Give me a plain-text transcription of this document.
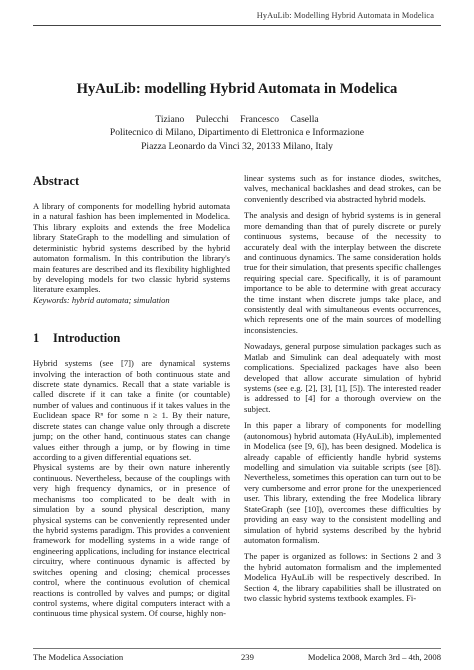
HyAuLib: Modelling Hybrid Automata in Modelica
HyAuLib: modelling Hybrid Automata in Modelica
Tiziano Pulecchi Francesco Casella
Politecnico di Milano, Dipartimento di Elettronica e Informazione
Piazza Leonardo da Vinci 32, 20133 Milano, Italy
Abstract

A library of components for modelling hybrid automata in a natural fashion has been implemented in Modelica. This library exploits and extends the free Modelica library StateGraph to the modelling and simulation of deterministic hybrid systems described by the hybrid automaton formalism. In this contribution the library's main features are described and its flexibility highlighted by developing models for two classic hybrid systems literature examples.

Keywords: hybrid automata; simulation

1 Introduction

Hybrid systems (see [7]) are dynamical systems involving the interaction of both continuous state and discrete state dynamics. Recall that a state variable is called discrete if it can take a finite (or countable) number of values and continuous if it takes values in the Euclidean space Rⁿ for some n ≥ 1. By their nature, discrete states can change value only through a discrete jump; on the other hand, continuous states can change values either through a jump, or by flowing in time according to a given differential equations set.

Physical systems are by their own nature inherently continuous. Nevertheless, because of the couplings with very high frequency dynamics, or in presence of mechanisms too complicated to be dealt with in simulation by a sound physical description, many physical systems can be conveniently represented under the hybrid systems paradigm. This provides a convenient framework for modelling systems in a wide range of engineering applications, including for instance electrical circuitry, where continuous dynamic is affected by switches opening and closing; chemical processes control, where the continuous evolution of chemical reactions is controlled by valves and pumps; or digital control systems, where digital computers interact with a continuous time physical system. Of course, highly non-

linear systems such as for instance diodes, switches, valves, mechanical backlashes and dead strokes, can be conveniently described via abstracted hybrid models.

The analysis and design of hybrid systems is in general more demanding than that of purely discrete or purely continuous systems, because of the necessity to accurately deal with the interplay between the discrete and continuous dynamics. The same consideration holds true for their simulation, that presents specific challenges requiring special care. Specifically, it is of paramount importance to be able to determine with great accuracy the time instant when discrete jumps take place, and consistently deal with simultaneous events occurrences, which represents one of the main sources of modelling inconsistencies.

Nowadays, general purpose simulation packages such as Matlab and Simulink can deal adequately with most complications. Specialized packages have also been developed that allow accurate simulation of hybrid systems (see e.g. [2], [3], [1], [5]). The interested reader is addressed to [4] for a thorough overview on the subject.

In this paper a library of components for modelling (autonomous) hybrid automata (HyAuLib), implemented in Modelica (see [9, 6]), has been designed. Modelica is already capable of efficiently handle hybrid systems modelling and simulation via suitable scripts (see [8]). Nevertheless, sometimes this operation can turn out to be very cumbersome and error prone for the unexperienced user. This library, extending the free Modelica library StateGraph (see [10]), overcomes these difficulties by providing an easy way to the consistent modelling and simulation of hybrid systems described by the hybrid automaton formalism.

The paper is organized as follows: in Sections 2 and 3 the hybrid automaton formalism and the implemented Modelica HyAuLib will be respectively described. In Section 4, the library capabilities shall be illustrated on two classic hybrid systems textbook examples. Fi-

The Modelica Association	239	Modelica 2008, March 3rd – 4th, 2008
